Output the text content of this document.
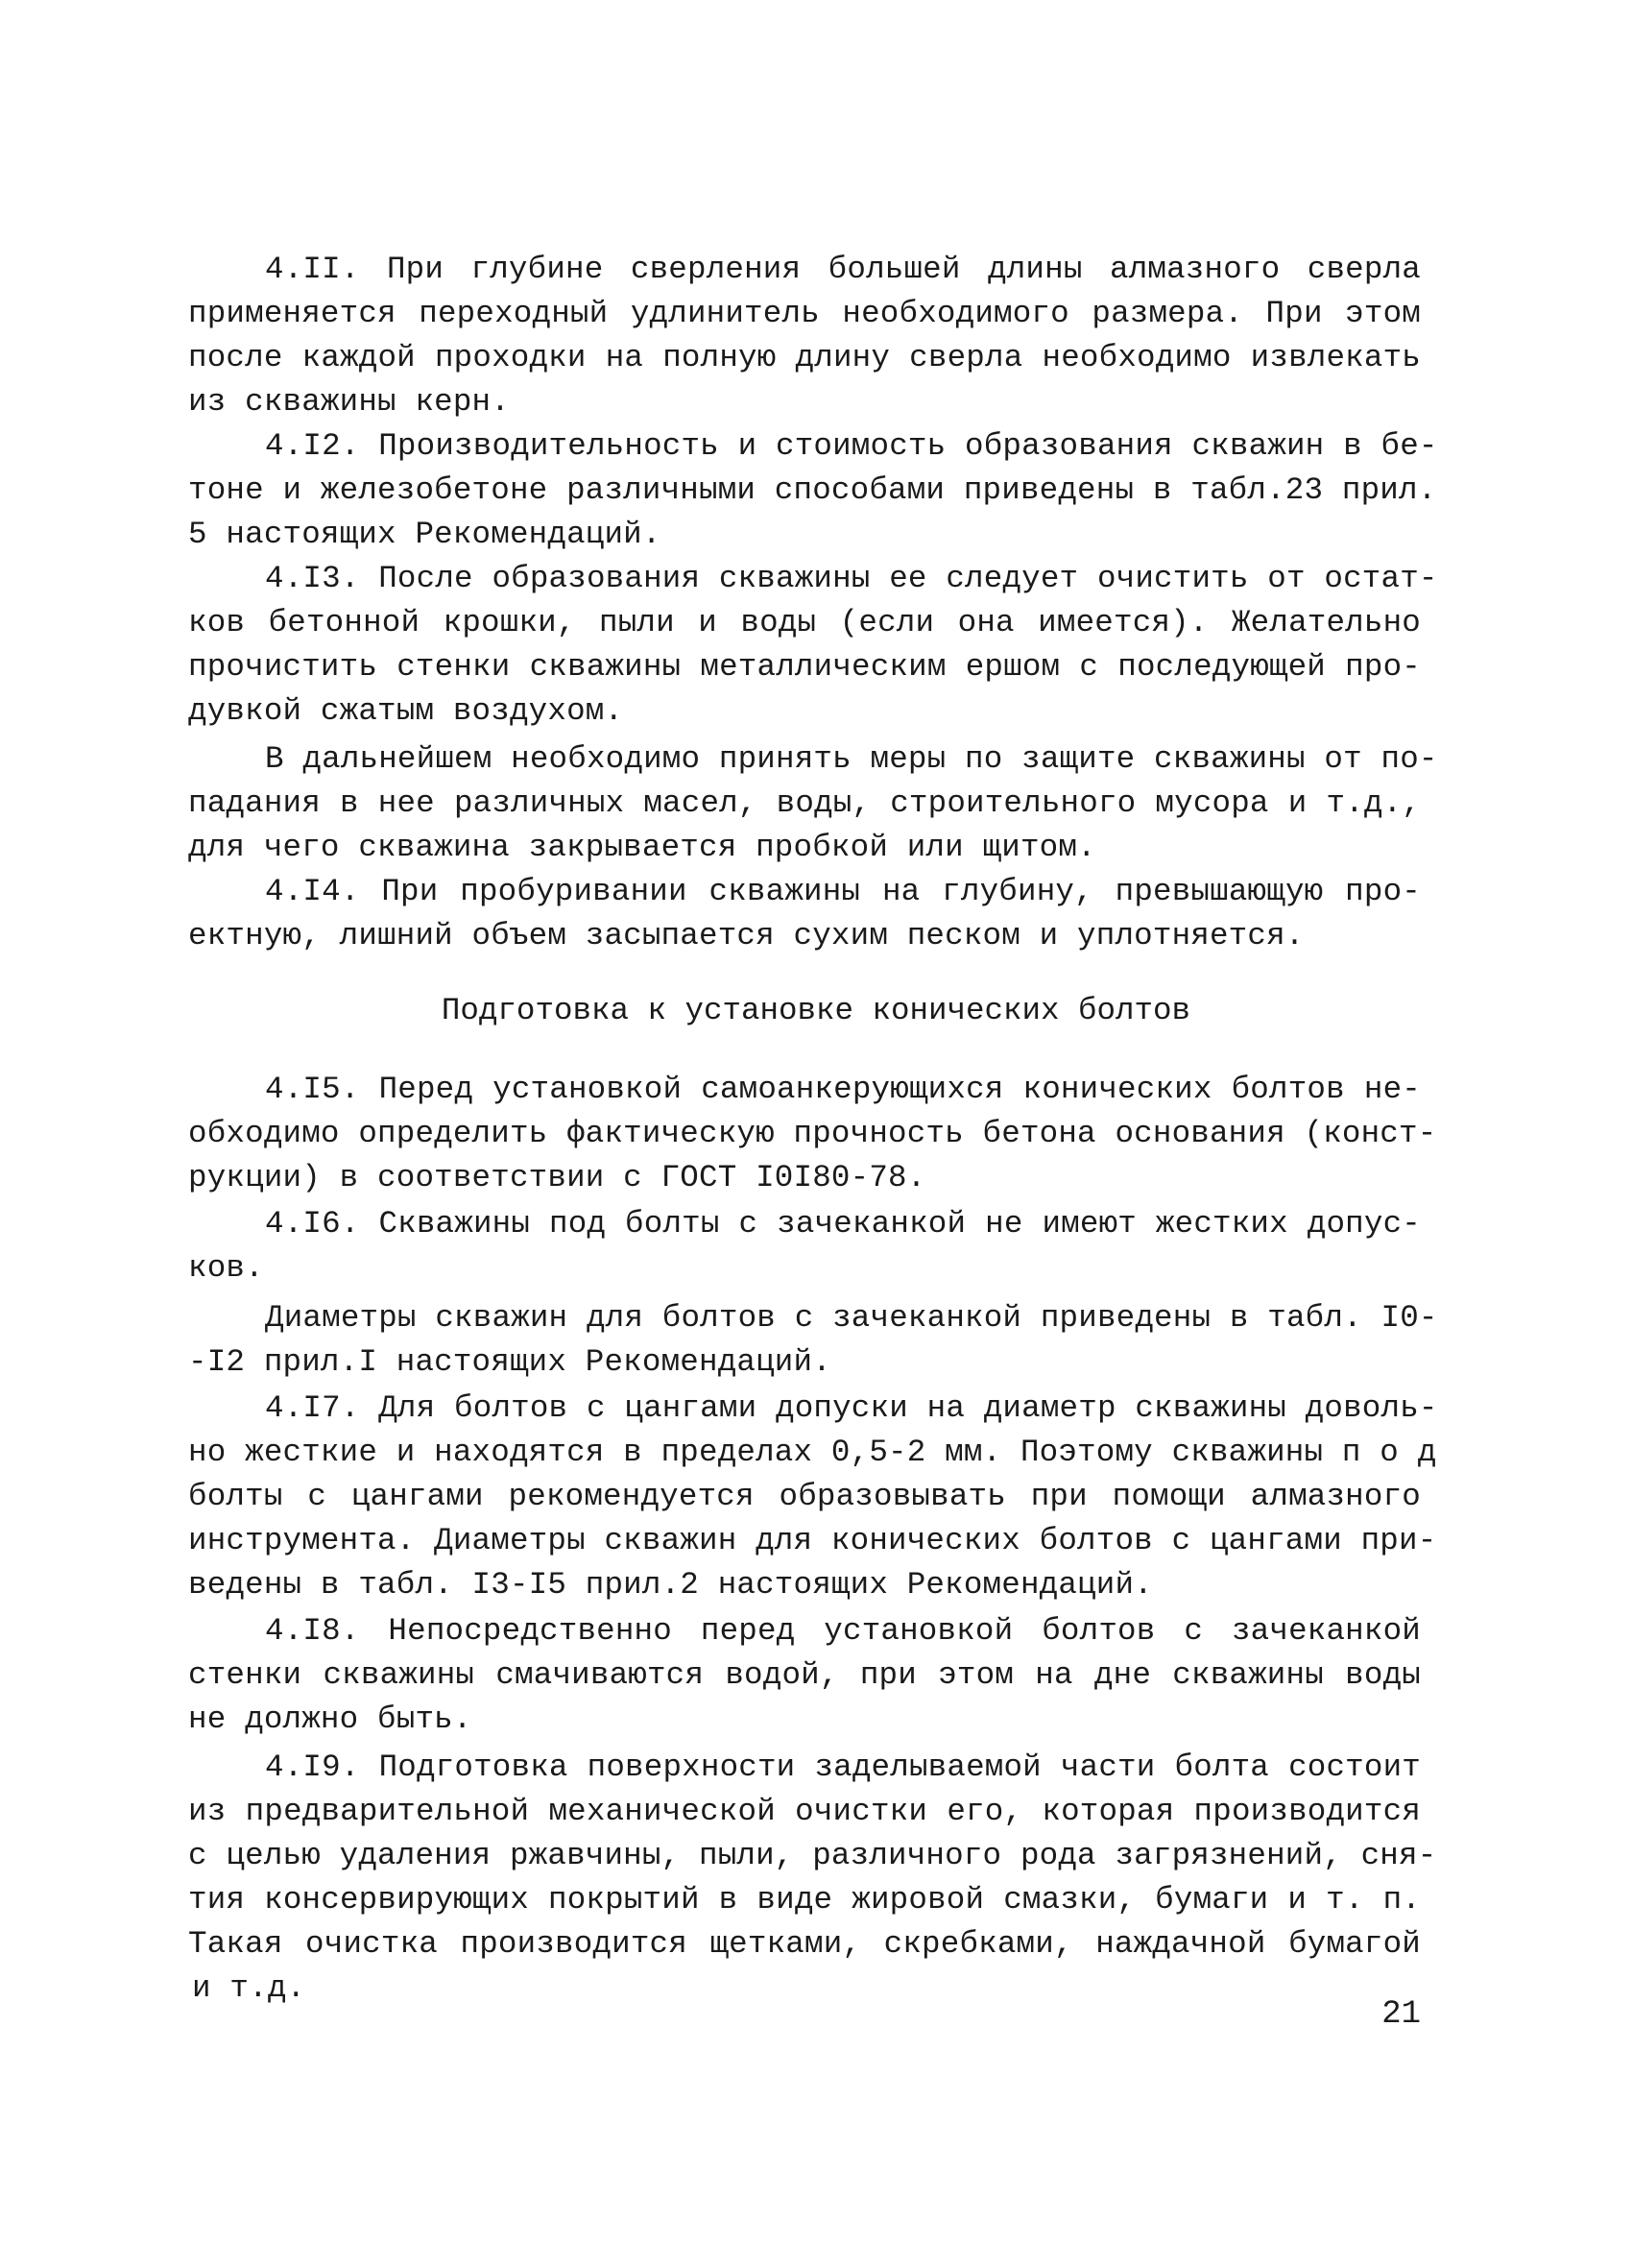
4.II. При глубине сверления большей длины алмазного сверла
применяется переходный удлинитель необходимого размера. При этом
после каждой проходки на полную длину сверла необходимо извлекать
из скважины керн.
4.I2. Производительность и стоимость образования скважин в бе-
тоне и железобетоне различными способами приведены в табл.23 прил.
5 настоящих Рекомендаций.
4.I3. После образования скважины ее следует очистить от остат-
ков бетонной крошки, пыли и воды (если она имеется). Желательно
прочистить стенки скважины металлическим ершом с последующей про-
дувкой сжатым воздухом.
В дальнейшем необходимо принять меры по защите скважины от по-
падания в нее различных масел, воды, строительного мусора и т.д.,
для чего скважина закрывается пробкой или щитом.
4.I4. При пробуривании скважины на глубину, превышающую про-
ектную, лишний объем засыпается сухим песком и уплотняется.
Подготовка к установке конических болтов
4.I5. Перед установкой самоанкерующихся конических болтов не-
обходимо определить фактическую прочность бетона основания (конст-
рукции) в соответствии с ГОСТ I0I80-78.
4.I6. Скважины под болты с зачеканкой не имеют жестких допус-
ков.
Диаметры скважин для болтов с зачеканкой приведены в табл. I0-
-I2 прил.I настоящих Рекомендаций.
4.I7. Для болтов с цангами допуски на диаметр скважины доволь-
но жесткие и находятся в пределах 0,5-2 мм. Поэтому скважины п о д
болты с цангами рекомендуется образовывать при помощи алмазного
инструмента. Диаметры скважин для конических болтов с цангами при-
ведены в табл. I3-I5 прил.2 настоящих Рекомендаций.
4.I8. Непосредственно перед установкой болтов с зачеканкой
стенки скважины смачиваются водой, при этом на дне скважины воды
не должно быть.
4.I9. Подготовка поверхности заделываемой части болта состоит
из предварительной механической очистки его, которая производится
с целью удаления ржавчины, пыли, различного рода загрязнений, сня-
тия консервирующих покрытий в виде жировой смазки, бумаги и т. п.
Такая очистка производится щетками, скребками, наждачной бумагой
и т.д.
21
